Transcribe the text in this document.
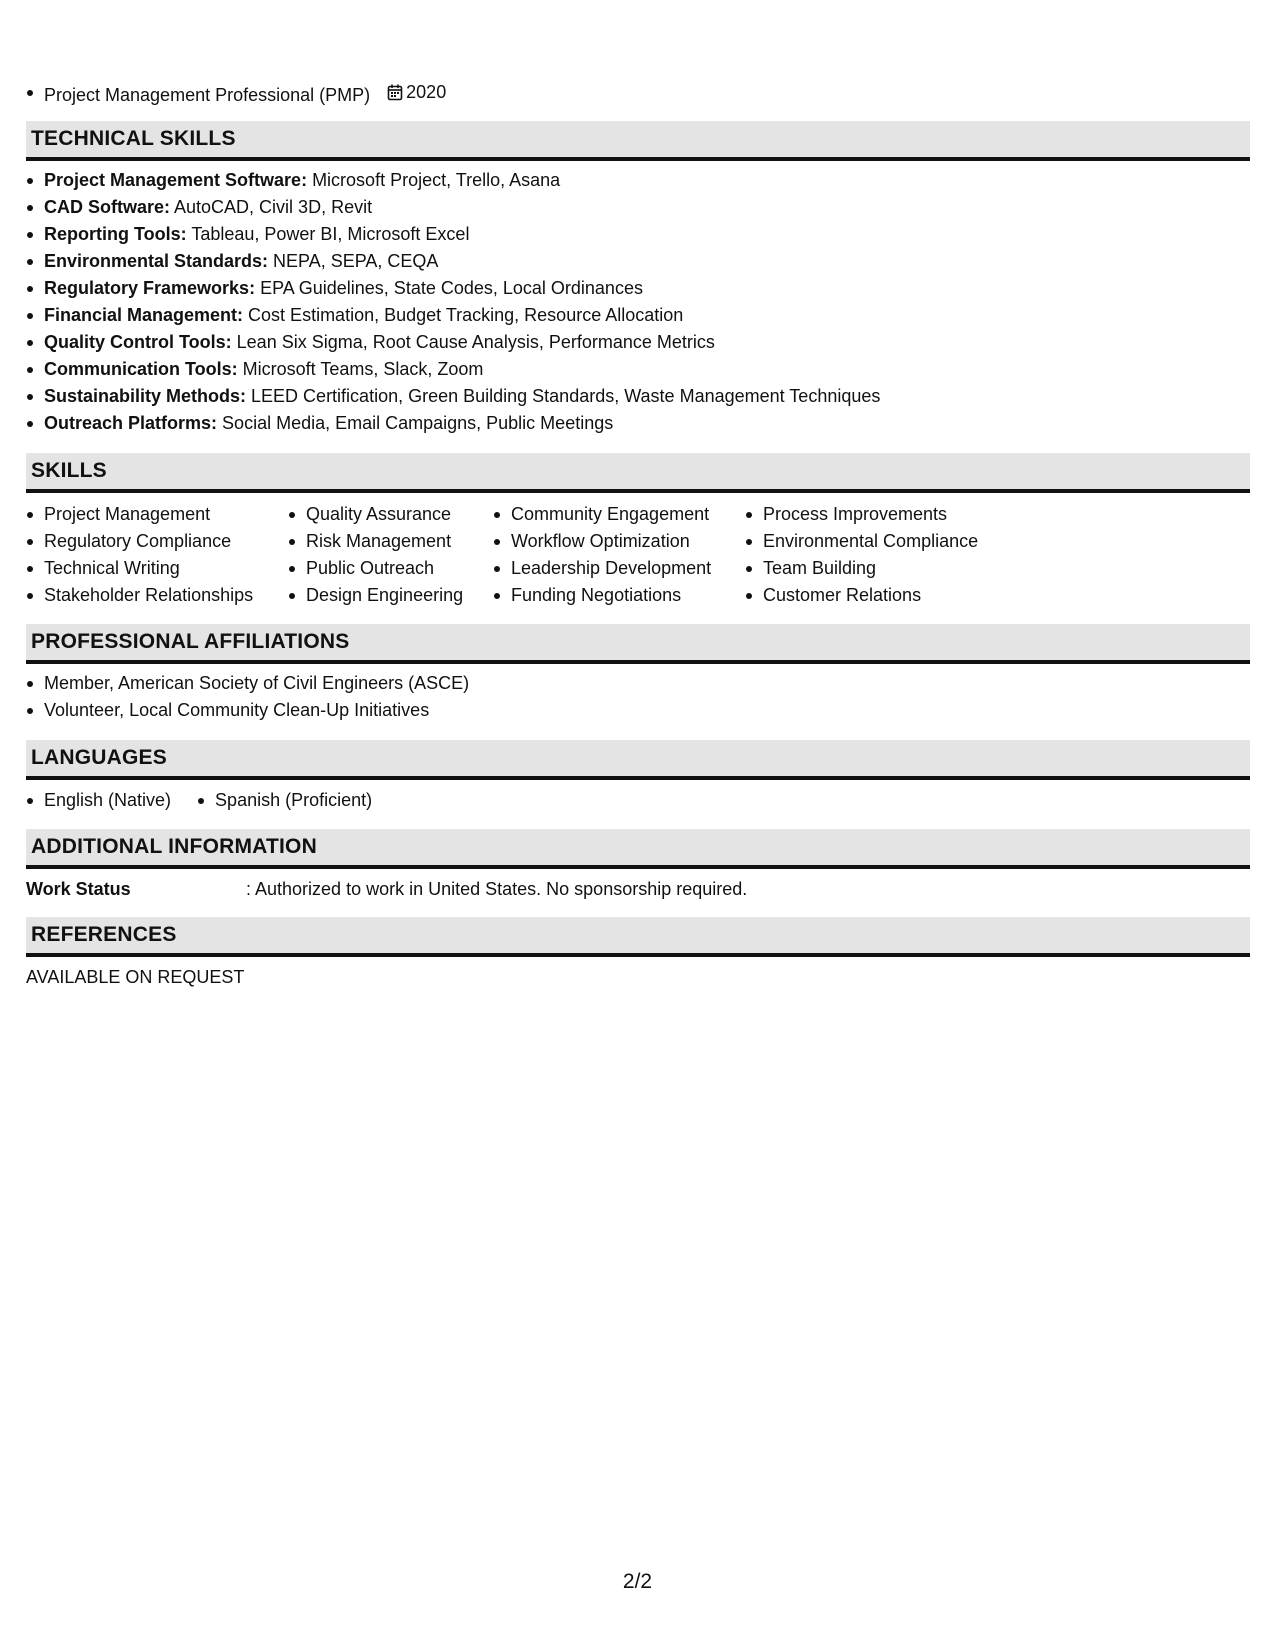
Project Management Professional (PMP) 2020
TECHNICAL SKILLS
Project Management Software: Microsoft Project, Trello, Asana
CAD Software: AutoCAD, Civil 3D, Revit
Reporting Tools: Tableau, Power BI, Microsoft Excel
Environmental Standards: NEPA, SEPA, CEQA
Regulatory Frameworks: EPA Guidelines, State Codes, Local Ordinances
Financial Management: Cost Estimation, Budget Tracking, Resource Allocation
Quality Control Tools: Lean Six Sigma, Root Cause Analysis, Performance Metrics
Communication Tools: Microsoft Teams, Slack, Zoom
Sustainability Methods: LEED Certification, Green Building Standards, Waste Management Techniques
Outreach Platforms: Social Media, Email Campaigns, Public Meetings
SKILLS
Project Management
Regulatory Compliance
Technical Writing
Stakeholder Relationships
Quality Assurance
Risk Management
Public Outreach
Design Engineering
Community Engagement
Workflow Optimization
Leadership Development
Funding Negotiations
Process Improvements
Environmental Compliance
Team Building
Customer Relations
PROFESSIONAL AFFILIATIONS
Member, American Society of Civil Engineers (ASCE)
Volunteer, Local Community Clean-Up Initiatives
LANGUAGES
English (Native)	Spanish (Proficient)
ADDITIONAL INFORMATION
Work Status	: Authorized to work in United States. No sponsorship required.
REFERENCES
AVAILABLE ON REQUEST
2/2
